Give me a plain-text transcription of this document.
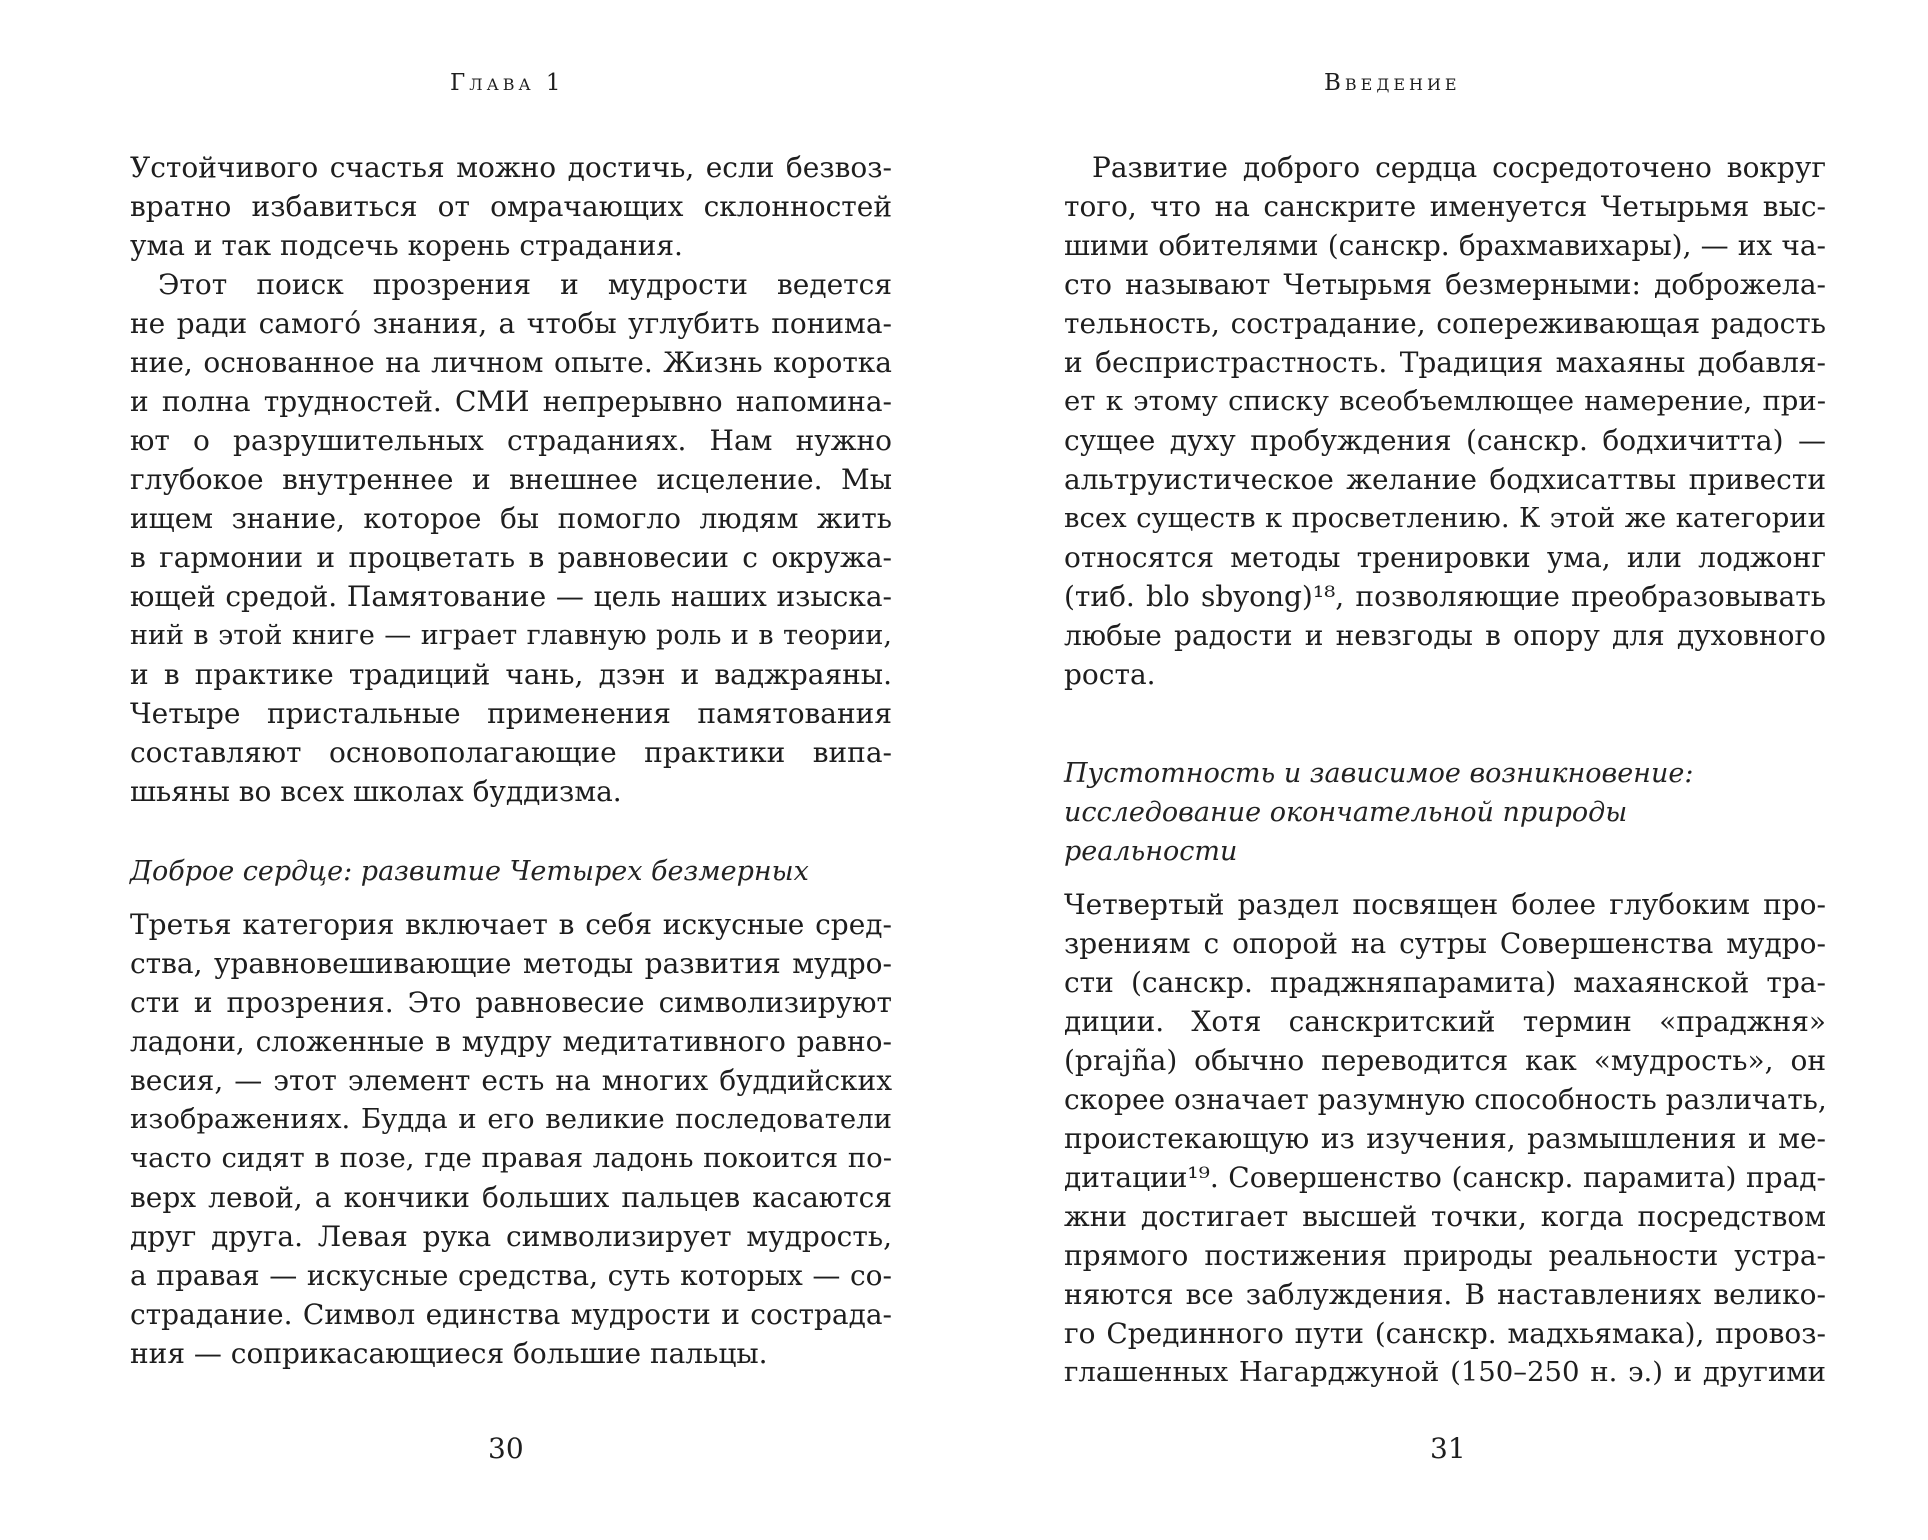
Глава 1
Устойчивого счастья можно достичь, если безвоз-
вратно избавиться от омрачающих склонностей
ума и так подсечь корень страдания.
Этот поиск прозрения и мудрости ведется
не ради самого́ знания, а чтобы углубить понима-
ние, основанное на личном опыте. Жизнь коротка
и полна трудностей. СМИ непрерывно напомина-
ют о разрушительных страданиях. Нам нужно
глубокое внутреннее и внешнее исцеление. Мы
ищем знание, которое бы помогло людям жить
в гармонии и процветать в равновесии с окружа-
ющей средой. Памятование — цель наших изыска-
ний в этой книге — играет главную роль и в теории,
и в практике традиций чань, дзэн и ваджраяны.
Четыре пристальные применения памятования
составляют основополагающие практики випа-
шьяны во всех школах буддизма.
Доброе сердце: развитие Четырех безмерных
Третья категория включает в себя искусные сред-
ства, уравновешивающие методы развития мудро-
сти и прозрения. Это равновесие символизируют
ладони, сложенные в мудру медитативного равно-
весия, — этот элемент есть на многих буддийских
изображениях. Будда и его великие последователи
часто сидят в позе, где правая ладонь покоится по-
верх левой, а кончики больших пальцев касаются
друг друга. Левая рука символизирует мудрость,
а правая — искусные средства, суть которых — со-
страдание. Символ единства мудрости и сострада-
ния — соприкасающиеся большие пальцы.
30
Введение
Развитие доброго сердца сосредоточено вокруг
того, что на санскрите именуется Четырьмя выс-
шими обителями (санскр. брахмавихары), — их ча-
сто называют Четырьмя безмерными: доброжела-
тельность, сострадание, сопереживающая радость
и беспристрастность. Традиция махаяны добавля-
ет к этому списку всеобъемлющее намерение, при-
сущее духу пробуждения (санскр. бодхичитта) —
альтруистическое желание бодхисаттвы привести
всех существ к просветлению. К этой же категории
относятся методы тренировки ума, или лоджонг
(тиб. blo sbyong)¹⁸, позволяющие преобразовывать
любые радости и невзгоды в опору для духовного
роста.
Пустотность и зависимое возникновение:
исследование окончательной природы
реальности
Четвертый раздел посвящен более глубоким про-
зрениям с опорой на сутры Совершенства мудро-
сти (санскр. праджняпарамита) махаянской тра-
диции. Хотя санскритский термин «праджня»
(prajña) обычно переводится как «мудрость», он
скорее означает разумную способность различать,
проистекающую из изучения, размышления и ме-
дитации¹⁹. Совершенство (санскр. парамита) прад-
жни достигает высшей точки, когда посредством
прямого постижения природы реальности устра-
няются все заблуждения. В наставлениях велико-
го Срединного пути (санскр. мадхьямака), провоз-
глашенных Нагарджуной (150–250 н. э.) и другими
31
